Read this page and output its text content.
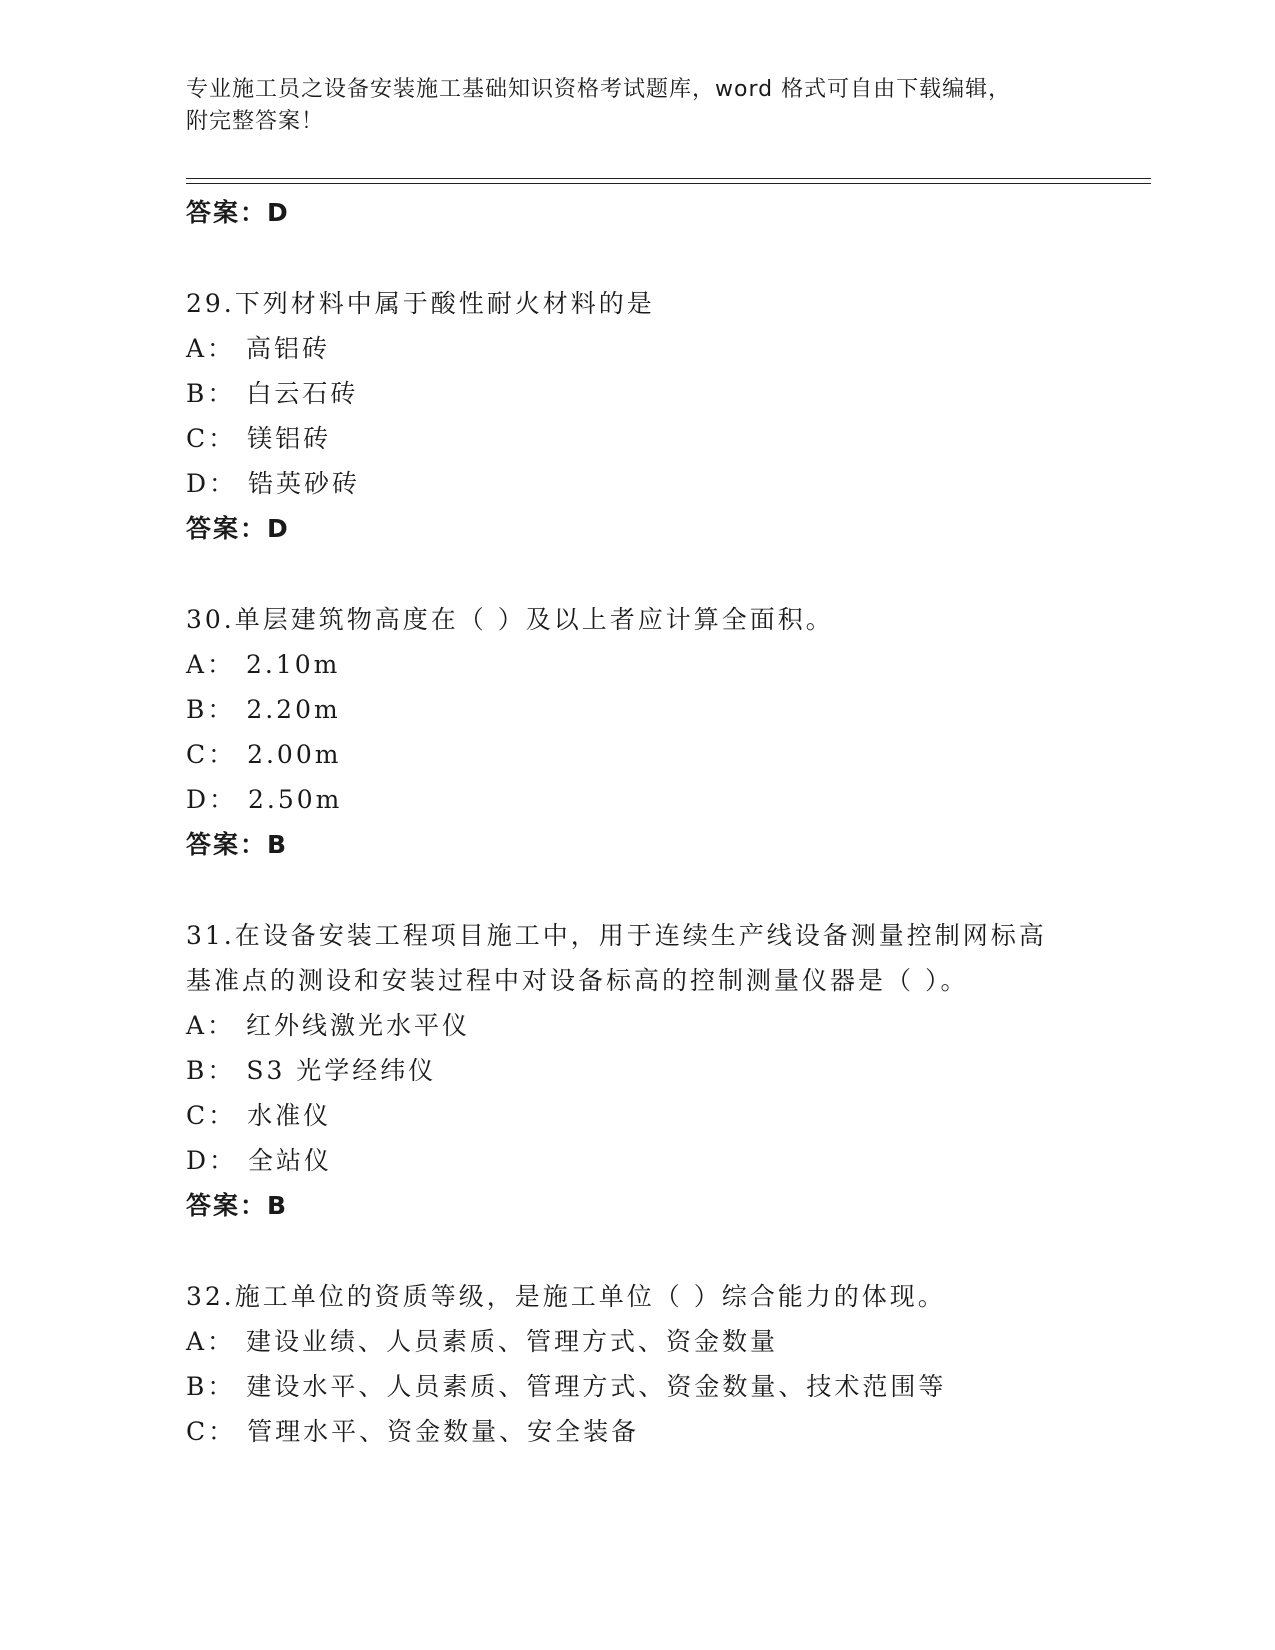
专业施工员之设备安装施工基础知识资格考试题库，word 格式可自由下载编辑，
附完整答案！
答案：D
29.下列材料中属于酸性耐火材料的是
A： 高铝砖
B： 白云石砖
C： 镁铝砖
D： 锆英砂砖
答案：D
30.单层建筑物高度在（ ）及以上者应计算全面积。
A： 2.10m
B： 2.20m
C： 2.00m
D： 2.50m
答案：B
31.在设备安装工程项目施工中，用于连续生产线设备测量控制网标高
基准点的测设和安装过程中对设备标高的控制测量仪器是（ ）。
A： 红外线激光水平仪
B： S3 光学经纬仪
C： 水准仪
D： 全站仪
答案：B
32.施工单位的资质等级，是施工单位（ ）综合能力的体现。
A： 建设业绩、人员素质、管理方式、资金数量
B： 建设水平、人员素质、管理方式、资金数量、技术范围等
C： 管理水平、资金数量、安全装备
